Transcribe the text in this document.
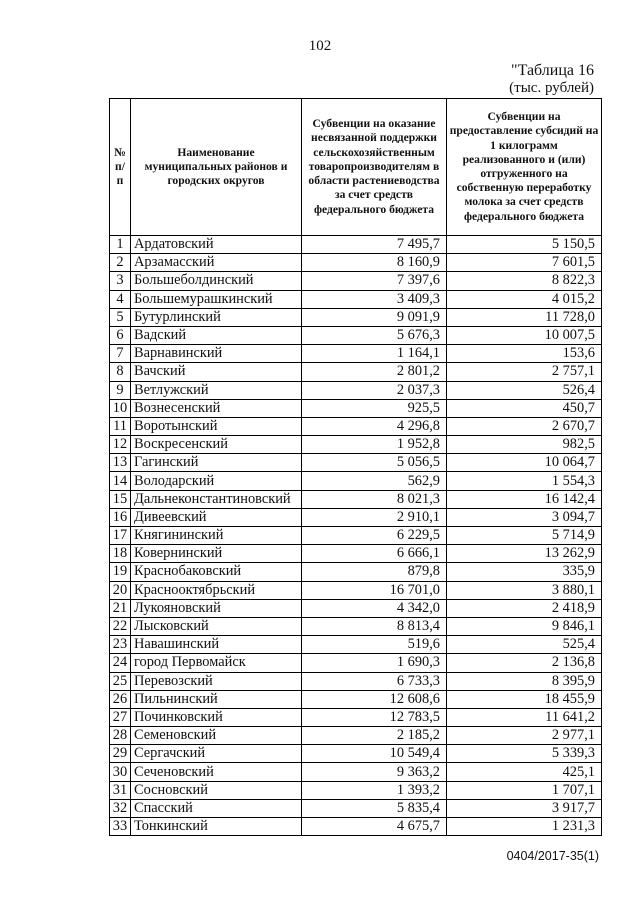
102
"Таблица 16
(тыс. рублей)
№ п/п	Наименование муниципальных районов и городских округов	Субвенции на оказание несвязанной поддержки сельскохозяйственным товаропроизводителям в области растениеводства за счет средств федерального бюджета	Субвенции на предоставление субсидий на 1 килограмм реализованного и (или) отгруженного на собственную переработку молока за счет средств федерального бюджета
1	Ардатовский	7 495,7	5 150,5
2	Арзамасский	8 160,9	7 601,5
3	Большеболдинский	7 397,6	8 822,3
4	Большемурашкинский	3 409,3	4 015,2
5	Бутурлинский	9 091,9	11 728,0
6	Вадский	5 676,3	10 007,5
7	Варнавинский	1 164,1	153,6
8	Вачский	2 801,2	2 757,1
9	Ветлужский	2 037,3	526,4
10	Вознесенский	925,5	450,7
11	Воротынский	4 296,8	2 670,7
12	Воскресенский	1 952,8	982,5
13	Гагинский	5 056,5	10 064,7
14	Володарский	562,9	1 554,3
15	Дальнеконстантиновский	8 021,3	16 142,4
16	Дивеевский	2 910,1	3 094,7
17	Княгининский	6 229,5	5 714,9
18	Ковернинский	6 666,1	13 262,9
19	Краснобаковский	879,8	335,9
20	Краснооктябрьский	16 701,0	3 880,1
21	Лукояновский	4 342,0	2 418,9
22	Лысковский	8 813,4	9 846,1
23	Навашинский	519,6	525,4
24	город Первомайск	1 690,3	2 136,8
25	Перевозский	6 733,3	8 395,9
26	Пильнинский	12 608,6	18 455,9
27	Починковский	12 783,5	11 641,2
28	Семеновский	2 185,2	2 977,1
29	Сергачский	10 549,4	5 339,3
30	Сеченовский	9 363,2	425,1
31	Сосновский	1 393,2	1 707,1
32	Спасский	5 835,4	3 917,7
33	Тонкинский	4 675,7	1 231,3
0404/2017-35(1)
